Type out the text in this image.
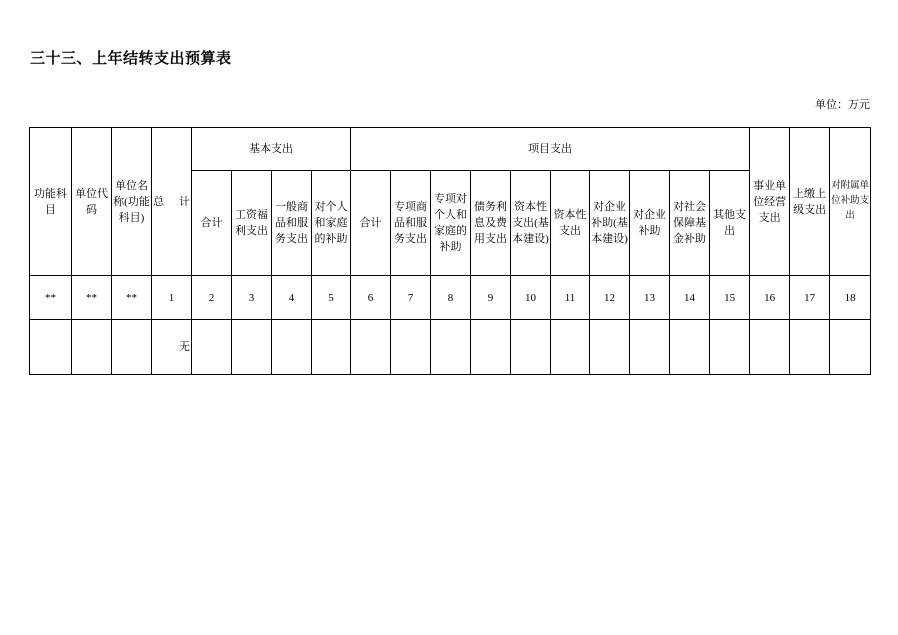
三十三、上年结转支出预算表
单位：万元
功能科目	单位代码	单位名称(功能科目)	总 计	基本支出				项目支出										事业单位经营支出	上缴上级支出	对附属单位补助支出
				合计	工资福利支出	一般商品和服务支出	对个人和家庭的补助	合计	专项商品和服务支出	专项对个人和家庭的补助	债务利息及费用支出	资本性支出(基本建设)	资本性支出	对企业补助(基本建设)	对企业补助	对社会保障基金补助	其他支出			
**	**	**	1	2	3	4	5	6	7	8	9	10	11	12	13	14	15	16	17	18
			无																	
